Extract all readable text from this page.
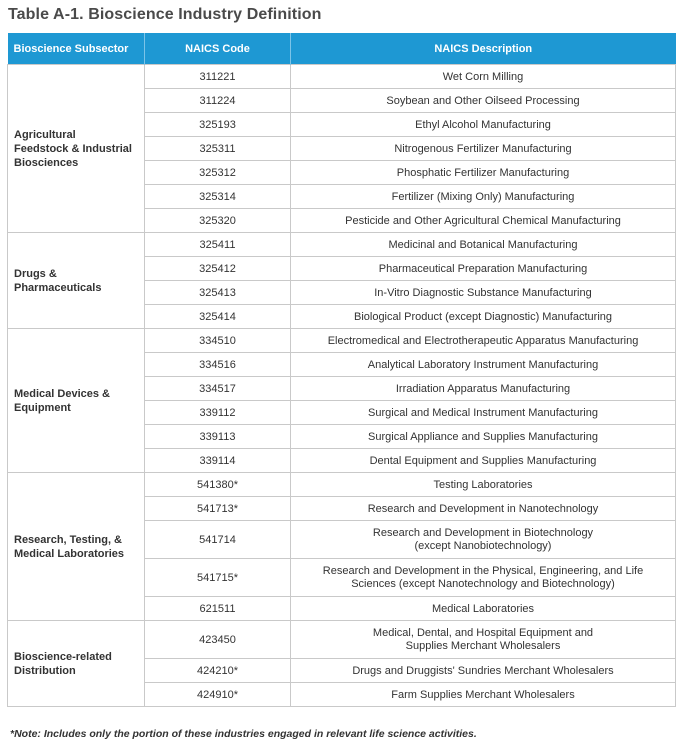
Table A-1. Bioscience Industry Definition
Bioscience Subsector	NAICS Code	NAICS Description
Agricultural
Feedstock & Industrial
Biosciences	311221	Wet Corn Milling
	311224	Soybean and Other Oilseed Processing
	325193	Ethyl Alcohol Manufacturing
	325311	Nitrogenous Fertilizer Manufacturing
	325312	Phosphatic Fertilizer Manufacturing
	325314	Fertilizer (Mixing Only) Manufacturing
	325320	Pesticide and Other Agricultural Chemical Manufacturing
Drugs &
Pharmaceuticals	325411	Medicinal and Botanical Manufacturing
	325412	Pharmaceutical Preparation Manufacturing
	325413	In-Vitro Diagnostic Substance Manufacturing
	325414	Biological Product (except Diagnostic) Manufacturing
Medical Devices &
Equipment	334510	Electromedical and Electrotherapeutic Apparatus Manufacturing
	334516	Analytical Laboratory Instrument Manufacturing
	334517	Irradiation Apparatus Manufacturing
	339112	Surgical and Medical Instrument Manufacturing
	339113	Surgical Appliance and Supplies Manufacturing
	339114	Dental Equipment and Supplies Manufacturing
Research, Testing, &
Medical Laboratories	541380*	Testing Laboratories
	541713*	Research and Development in Nanotechnology
	541714	Research and Development in Biotechnology
(except Nanobiotechnology)
	541715*	Research and Development in the Physical, Engineering, and Life
Sciences (except Nanotechnology and Biotechnology)
	621511	Medical Laboratories
Bioscience-related
Distribution	423450	Medical, Dental, and Hospital Equipment and
Supplies Merchant Wholesalers
	424210*	Drugs and Druggists' Sundries Merchant Wholesalers
	424910*	Farm Supplies Merchant Wholesalers
*Note: Includes only the portion of these industries engaged in relevant life science activities.
